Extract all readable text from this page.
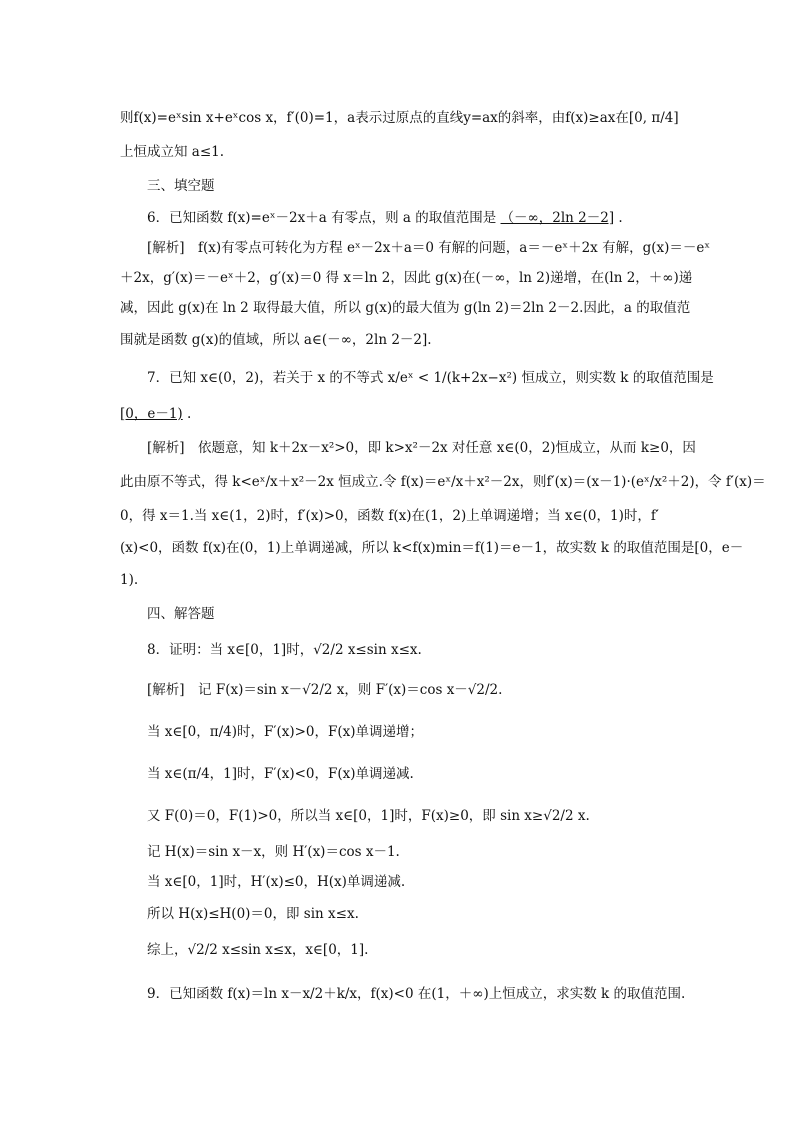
则f(x)=eˣsin x+eˣcos x，f′(0)=1，a表示过原点的直线y=ax的斜率，由f(x)≥ax在[0, π/4]
上恒成立知 a≤1.
三、填空题
6．已知函数 f(x)=eˣ－2x＋a 有零点，则 a 的取值范围是 （－∞，2ln 2－2] .
[解析]　f(x)有零点可转化为方程 eˣ－2x＋a＝0 有解的问题，a＝－eˣ＋2x 有解，g(x)＝－eˣ
＋2x，g′(x)＝－eˣ＋2，g′(x)＝0 得 x＝ln 2，因此 g(x)在(－∞，ln 2)递增，在(ln 2，＋∞)递
减，因此 g(x)在 ln 2 取得最大值，所以 g(x)的最大值为 g(ln 2)＝2ln 2－2.因此，a 的取值范
围就是函数 g(x)的值域，所以 a∈(－∞，2ln 2－2].
7．已知 x∈(0，2)，若关于 x 的不等式 x/eˣ < 1/(k+2x−x²) 恒成立，则实数 k 的取值范围是
[0，e－1) .
[解析]　依题意，知 k＋2x－x²>0，即 k>x²－2x 对任意 x∈(0，2)恒成立，从而 k≥0，因
此由原不等式，得 k<eˣ/x＋x²－2x 恒成立.令 f(x)＝eˣ/x＋x²－2x，则f′(x)＝(x－1)·(eˣ/x²＋2)，令 f′(x)＝
0，得 x＝1.当 x∈(1，2)时，f′(x)>0，函数 f(x)在(1，2)上单调递增；当 x∈(0，1)时，f′
(x)<0，函数 f(x)在(0，1)上单调递减，所以 k<f(x)min＝f(1)＝e－1，故实数 k 的取值范围是[0，e－
1).
四、解答题
8．证明：当 x∈[0，1]时，√2/2 x≤sin x≤x.
[解析]　记 F(x)＝sin x－√2/2 x，则 F′(x)＝cos x－√2/2.
当 x∈[0，π/4)时，F′(x)>0，F(x)单调递增；
当 x∈(π/4，1]时，F′(x)<0，F(x)单调递减.
又 F(0)＝0，F(1)>0，所以当 x∈[0，1]时，F(x)≥0，即 sin x≥√2/2 x.
记 H(x)＝sin x－x，则 H′(x)＝cos x－1.
当 x∈[0，1]时，H′(x)≤0，H(x)单调递减.
所以 H(x)≤H(0)＝0，即 sin x≤x.
综上，√2/2 x≤sin x≤x，x∈[0，1].
9．已知函数 f(x)＝ln x－x/2＋k/x，f(x)<0 在(1，＋∞)上恒成立，求实数 k 的取值范围.
